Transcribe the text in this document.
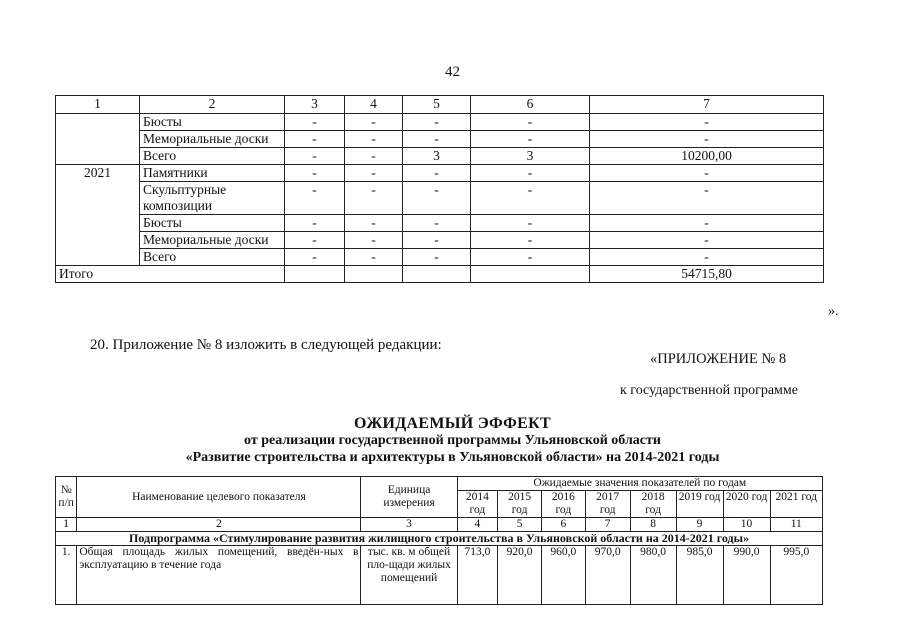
42
1	2	3	4	5	6	7
	Бюсты	-	-	-	-	-
	Мемориальные доски	-	-	-	-	-
	Всего	-	-	3	3	10200,00
2021	Памятники	-	-	-	-	-
	Скульптурные композиции	-	-	-	-	-
	Бюсты	-	-	-	-	-
	Мемориальные доски	-	-	-	-	-
	Всего	-	-	-	-	-
Итого						54715,80
».
20. Приложение № 8 изложить в следующей редакции:
«ПРИЛОЖЕНИЕ № 8
к государственной программе
ОЖИДАЕМЫЙ ЭФФЕКТ
от реализации государственной программы Ульяновской области
«Развитие строительства и архитектуры в Ульяновской области» на 2014-2021 годы
№ п/п	Наименование целевого показателя	Единица измерения	Ожидаемые значения показателей по годам							
			2014 год	2015 год	2016 год	2017 год	2018 год	2019 год	2020 год	2021 год
1	2	3	4	5	6	7	8	9	10	11
Подпрограмма «Стимулирование развития жилищного строительства в Ульяновской области на 2014-2021 годы»										
1.	Общая площадь жилых помещений, введён-ных в эксплуатацию в течение года	тыс. кв. м общей пло-щади жилых помещений	713,0	920,0	960,0	970,0	980,0	985,0	990,0	995,0
